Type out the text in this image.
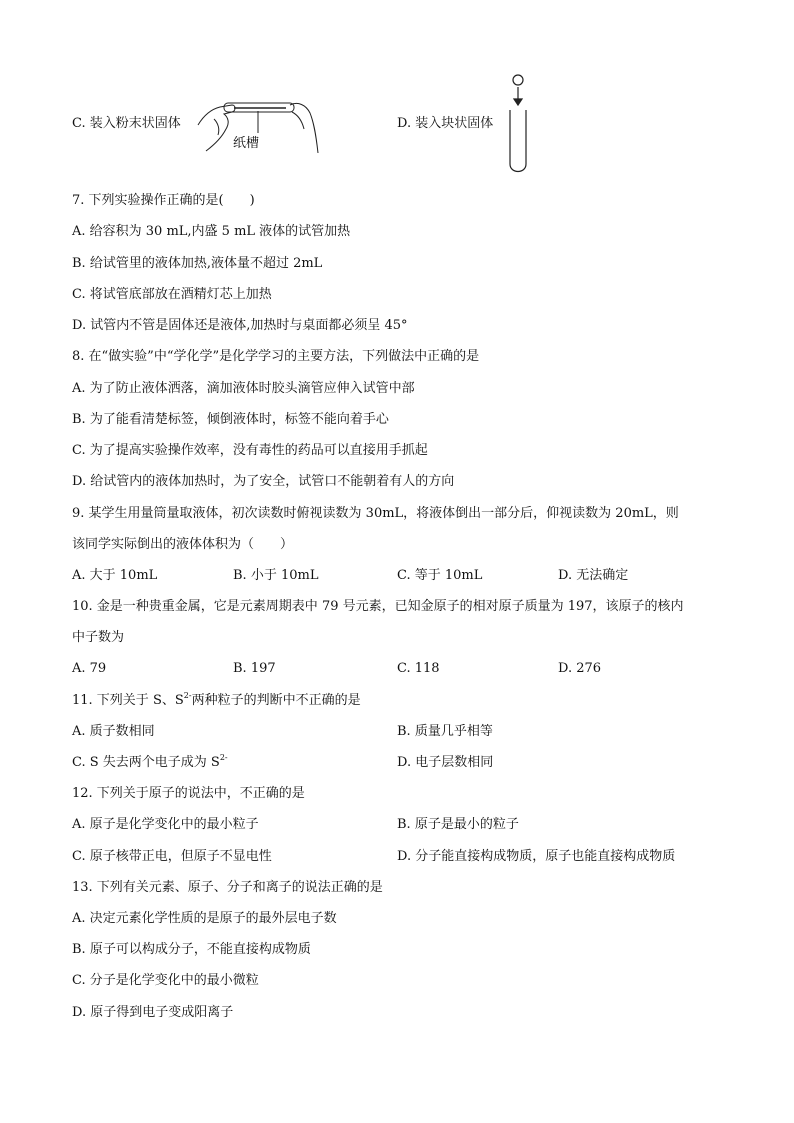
C. 装入粉末状固体
纸槽
D. 装入块状固体
7. 下列实验操作正确的是(　　)
A. 给容积为 30 mL,内盛 5 mL 液体的试管加热
B. 给试管里的液体加热,液体量不超过 2mL
C. 将试管底部放在酒精灯芯上加热
D. 试管内不管是固体还是液体,加热时与桌面都必须呈 45°
8. 在“做实验”中“学化学”是化学学习的主要方法，下列做法中正确的是
A. 为了防止液体洒落，滴加液体时胶头滴管应伸入试管中部
B. 为了能看清楚标签，倾倒液体时，标签不能向着手心
C. 为了提高实验操作效率，没有毒性的药品可以直接用手抓起
D. 给试管内的液体加热时，为了安全，试管口不能朝着有人的方向
9. 某学生用量筒量取液体，初次读数时俯视读数为 30mL，将液体倒出一部分后，仰视读数为 20mL，则
该同学实际倒出的液体体积为（　　）
A. 大于 10mL	B. 小于 10mL	C. 等于 10mL	D. 无法确定
10. 金是一种贵重金属，它是元素周期表中 79 号元素，已知金原子的相对原子质量为 197，该原子的核内
中子数为
A. 79	B. 197	C. 118	D. 276
11. 下列关于 S、$S^{2-}$两种粒子的判断中不正确的是
A. 质子数相同	B. 质量几乎相等
C. S 失去两个电子成为 $S^{2-}$	D. 电子层数相同
12. 下列关于原子的说法中，不正确的是
A. 原子是化学变化中的最小粒子	B. 原子是最小的粒子
C. 原子核带正电，但原子不显电性	D. 分子能直接构成物质，原子也能直接构成物质
13. 下列有关元素、原子、分子和离子的说法正确的是
A. 决定元素化学性质的是原子的最外层电子数
B. 原子可以构成分子，不能直接构成物质
C. 分子是化学变化中的最小微粒
D. 原子得到电子变成阳离子
